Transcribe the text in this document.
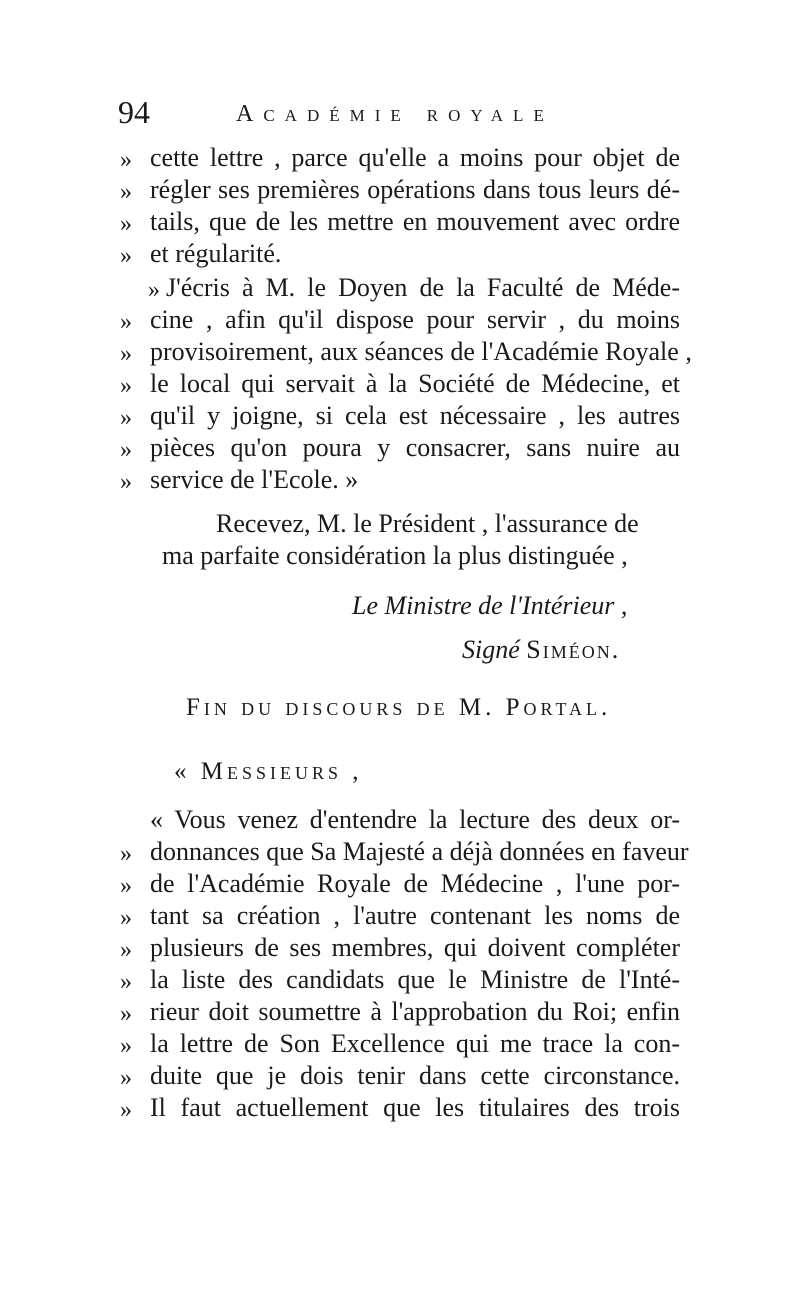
94	Académie royale
» cette lettre , parce qu'elle a moins pour objet de
» régler ses premières opérations dans tous leurs dé-
» tails, que de les mettre en mouvement avec ordre
» et régularité.
» J'écris à M. le Doyen de la Faculté de Méde-
» cine , afin qu'il dispose pour servir , du moins
» provisoirement, aux séances de l'Académie Royale ,
» le local qui servait à la Société de Médecine, et
» qu'il y joigne, si cela est nécessaire , les autres
» pièces qu'on poura y consacrer, sans nuire au
» service de l'Ecole. »
Recevez, M. le Président , l'assurance de
ma parfaite considération la plus distinguée ,
Le Ministre de l'Intérieur ,
Signé Siméon.
Fin du discours de M. Portal.
« Messieurs ,
« Vous venez d'entendre la lecture des deux or-
» donnances que Sa Majesté a déjà données en faveur
» de l'Académie Royale de Médecine , l'une por-
» tant sa création , l'autre contenant les noms de
» plusieurs de ses membres, qui doivent compléter
» la liste des candidats que le Ministre de l'Inté-
» rieur doit soumettre à l'approbation du Roi; enfin
» la lettre de Son Excellence qui me trace la con-
» duite que je dois tenir dans cette circonstance.
» Il faut actuellement que les titulaires des trois
